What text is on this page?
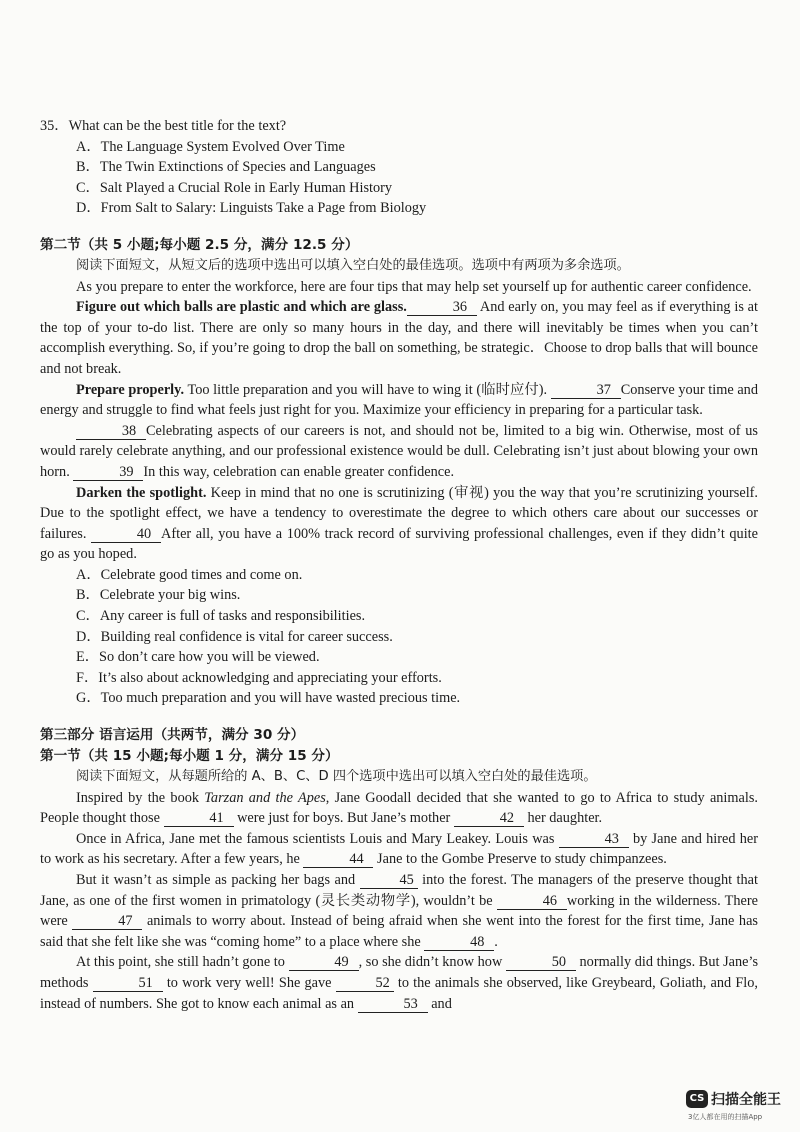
35．What can be the best title for the text?

A．The Language System Evolved Over Time

B．The Twin Extinctions of Species and Languages

C．Salt Played a Crucial Role in Early Human History

D．From Salt to Salary: Linguists Take a Page from Biology

第二节（共 5 小题;每小题 2.5 分，满分 12.5 分）

阅读下面短文，从短文后的选项中选出可以填入空白处的最佳选项。选项中有两项为多余选项。

As you prepare to enter the workforce, here are four tips that may help set yourself up for authentic career confidence.

Figure out which balls are plastic and which are glass.	36 And early on, you may feel as if everything is at the top of your to-do list. There are only so many hours in the day, and there will inevitably be times when you can’t accomplish everything. So, if you’re going to drop the ball on something, be strategic．Choose to drop balls that will bounce and not break.

Prepare properly. Too little preparation and you will have to wing it (临时应付).	37 Conserve your time and energy and struggle to find what feels just right for you. Maximize your efficiency in preparing for a particular task.

38 Celebrating aspects of our careers is not, and should not be, limited to a big win. Otherwise, most of us would rarely celebrate anything, and our professional existence would be dull. Celebrating isn’t just about blowing your own horn.	39 In this way, celebration can enable greater confidence.

Darken the spotlight. Keep in mind that no one is scrutinizing (审视) you the way that you’re scrutinizing yourself. Due to the spotlight effect, we have a tendency to overestimate the degree to which others care about our successes or failures.	40 After all, you have a 100% track record of surviving professional challenges, even if they didn’t quite go as you hoped.

A．Celebrate good times and come on.

B．Celebrate your big wins.

C．Any career is full of tasks and responsibilities.

D．Building real confidence is vital for career success.

E．So don’t care how you will be viewed.

F．It’s also about acknowledging and appreciating your efforts.

G．Too much preparation and you will have wasted precious time.

第三部分 语言运用（共两节，满分 30 分）

第一节（共 15 小题;每小题 1 分，满分 15 分）

阅读下面短文，从每题所给的 A、B、C、D 四个选项中选出可以填入空白处的最佳选项。

Inspired by the book Tarzan and the Apes, Jane Goodall decided that she wanted to go to Africa to study animals. People thought those	41 were just for boys. But Jane’s mother	42 her daughter.

Once in Africa, Jane met the famous scientists Louis and Mary Leakey. Louis was	43 by Jane and hired her to work as his secretary. After a few years, he	44 Jane to the Gombe Preserve to study chimpanzees.

But it wasn’t as simple as packing her bags and	45 into the forest. The managers of the preserve thought that Jane, as one of the first women in primatology (灵长类动物学), wouldn’t be	46 working in the wilderness. There were	47 animals to worry about. Instead of being afraid when she went into the forest for the first time, Jane has said that she felt like she was “coming home” to a place where she	48 .

At this point, she still hadn’t gone to	49 , so she didn’t know how	50 normally did things. But Jane’s methods	51 to work very well! She gave	52 to the animals she observed, like Greybeard, Goliath, and Flo, instead of numbers. She got to know each animal as an	53 and

CS 扫描全能王
3亿人都在用的扫描App
